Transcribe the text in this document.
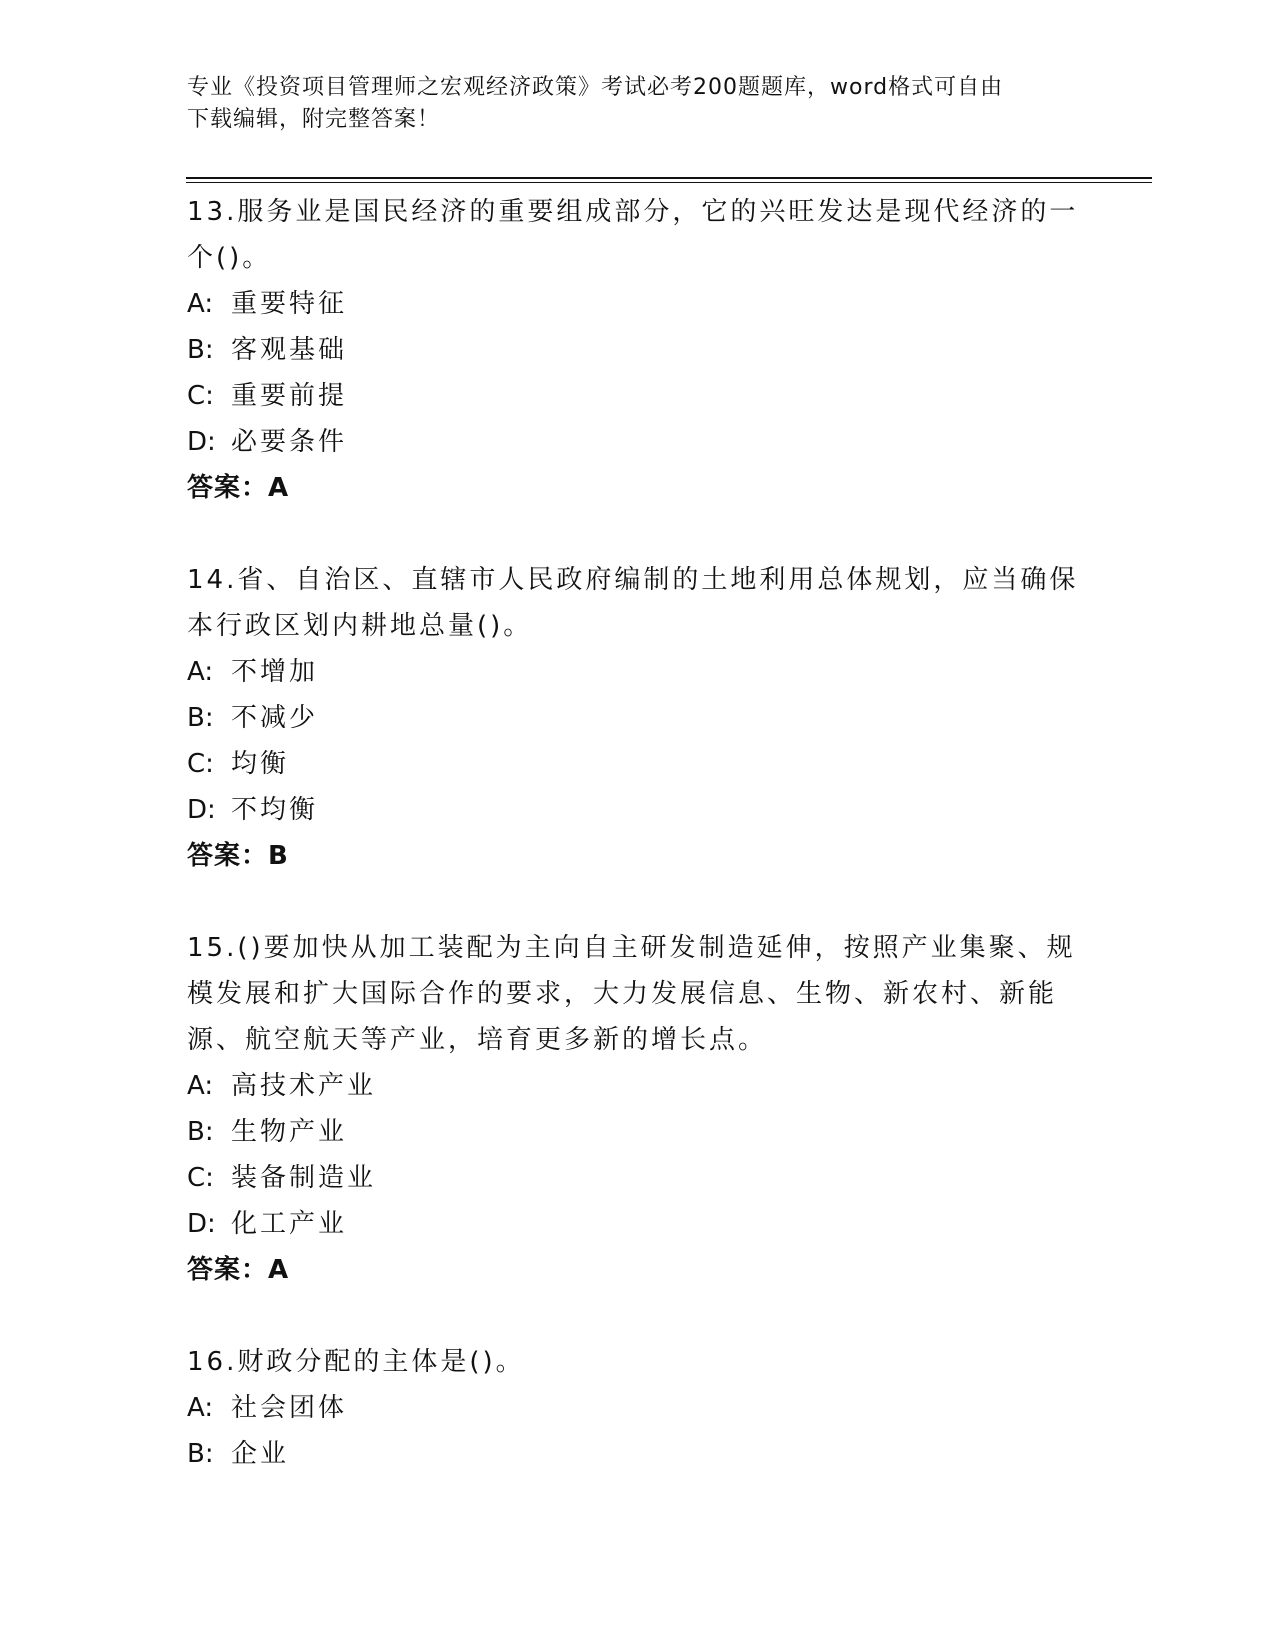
专业《投资项目管理师之宏观经济政策》考试必考200题题库，word格式可自由
下载编辑，附完整答案！

13.服务业是国民经济的重要组成部分，它的兴旺发达是现代经济的一

个()。

A: 重要特征

B: 客观基础

C: 重要前提

D: 必要条件

答案：A

14.省、自治区、直辖市人民政府编制的土地利用总体规划，应当确保

本行政区划内耕地总量()。

A: 不增加

B: 不减少

C: 均衡

D: 不均衡

答案：B

15.()要加快从加工装配为主向自主研发制造延伸，按照产业集聚、规

模发展和扩大国际合作的要求，大力发展信息、生物、新农村、新能

源、航空航天等产业，培育更多新的增长点。

A: 高技术产业

B: 生物产业

C: 装备制造业

D: 化工产业

答案：A

16.财政分配的主体是()。

A: 社会团体

B: 企业
